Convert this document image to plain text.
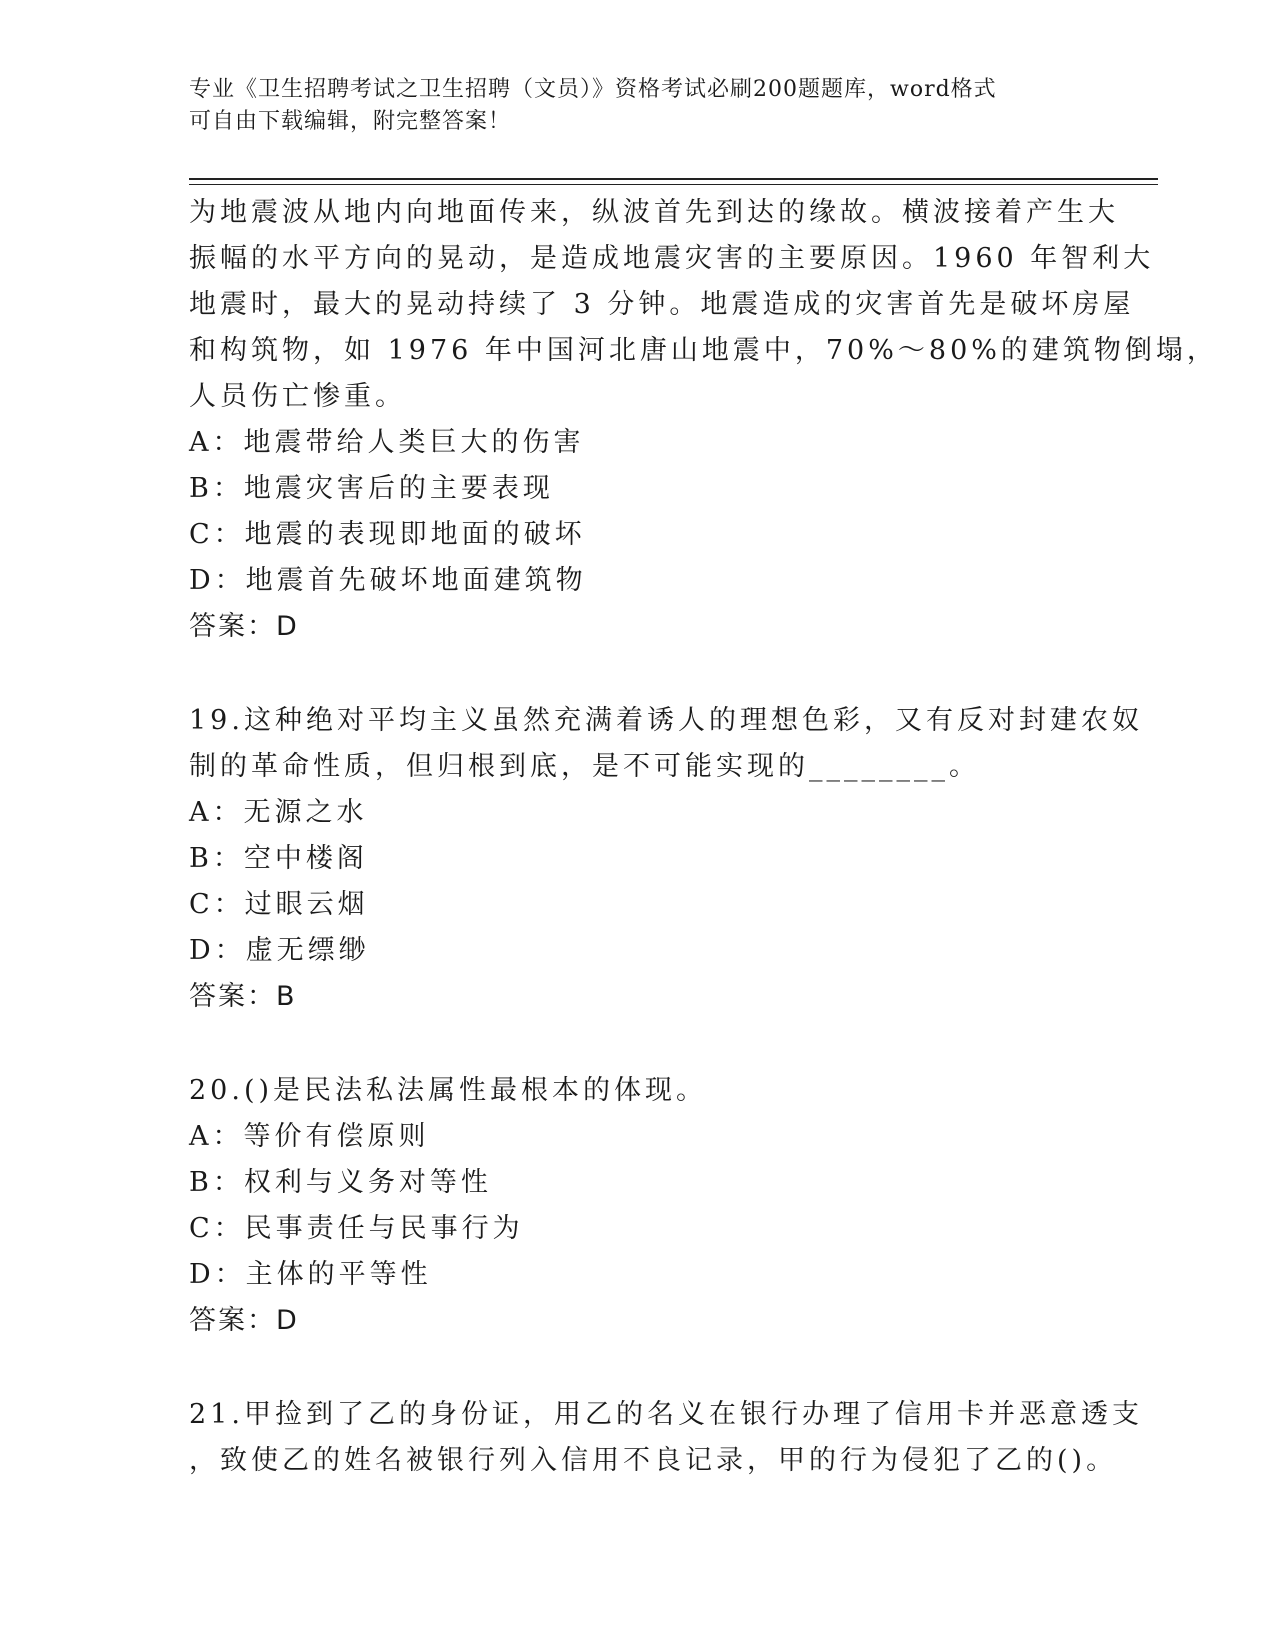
专业《卫生招聘考试之卫生招聘（文员）》资格考试必刷200题题库，word格式
可自由下载编辑，附完整答案！
为地震波从地内向地面传来，纵波首先到达的缘故。横波接着产生大
振幅的水平方向的晃动，是造成地震灾害的主要原因。1960 年智利大
地震时，最大的晃动持续了 3 分钟。地震造成的灾害首先是破坏房屋
和构筑物，如 1976 年中国河北唐山地震中，70%～80%的建筑物倒塌，
人员伤亡惨重。
A：地震带给人类巨大的伤害
B：地震灾害后的主要表现
C：地震的表现即地面的破坏
D：地震首先破坏地面建筑物
答案：D
19.这种绝对平均主义虽然充满着诱人的理想色彩，又有反对封建农奴
制的革命性质，但归根到底，是不可能实现的________。
A：无源之水
B：空中楼阁
C：过眼云烟
D：虚无缥缈
答案：B
20.()是民法私法属性最根本的体现。
A：等价有偿原则
B：权利与义务对等性
C：民事责任与民事行为
D：主体的平等性
答案：D
21.甲捡到了乙的身份证，用乙的名义在银行办理了信用卡并恶意透支
，致使乙的姓名被银行列入信用不良记录，甲的行为侵犯了乙的()。
